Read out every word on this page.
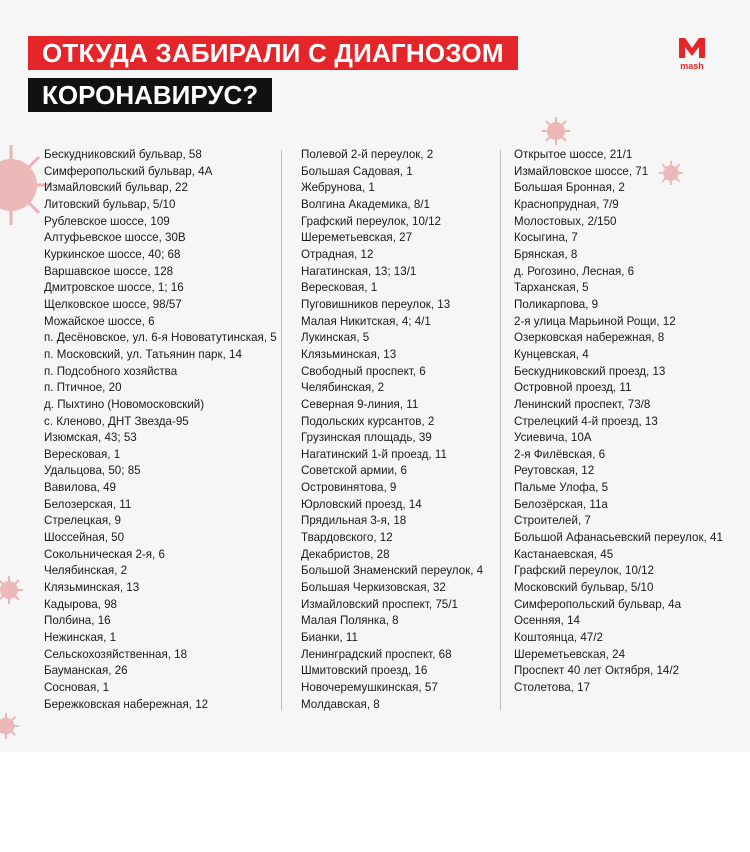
ОТКУДА ЗАБИРАЛИ С ДИАГНОЗОМ
КОРОНАВИРУС?
mash
Бескудниковский бульвар, 58
Симферопольский бульвар, 4А
Измайловский бульвар, 22
Литовский бульвар, 5/10
Рублевское шоссе, 109
Алтуфьевское шоссе, 30В
Куркинское шоссе, 40; 68
Варшавское шоссе, 128
Дмитровское шоссе, 1; 16
Щелковское шоссе, 98/57
Можайское шоссе, 6
п. Десёновское, ул. 6-я Нововатутинская, 5
п. Московский, ул. Татьянин парк, 14
п. Подсобного хозяйства
п. Птичное, 20
д. Пыхтино (Новомосковский)
с. Кленово, ДНТ Звезда-95
Изюмская, 43; 53
Вересковая, 1
Удальцова, 50; 85
Вавилова, 49
Белозерская, 11
Стрелецкая, 9
Шоссейная, 50
Сокольническая 2-я, 6
Челябинская, 2
Клязьминская, 13
Кадырова, 98
Полбина, 16
Нежинская, 1
Сельскохозяйственная, 18
Бауманская, 26
Сосновая, 1
Бережковская набережная, 12
Полевой 2-й переулок, 2
Большая Садовая, 1
Жебрунова, 1
Волгина Академика, 8/1
Графский переулок, 10/12
Шереметьевская, 27
Отрадная, 12
Нагатинская, 13; 13/1
Вересковая, 1
Пуговишников переулок, 13
Малая Никитская, 4; 4/1
Лукинская, 5
Клязьминская, 13
Свободный проспект, 6
Челябинская, 2
Северная 9-линия, 11
Подольских курсантов, 2
Грузинская площадь, 39
Нагатинский 1-й проезд, 11
Советской армии, 6
Островинятова, 9
Юрловский проезд, 14
Прядильная 3-я, 18
Твардовского, 12
Декабристов, 28
Большой Знаменский переулок, 4
Большая Черкизовская, 32
Измайловский проспект, 75/1
Малая Полянка, 8
Бианки, 11
Ленинградский проспект, 68
Шмитовский проезд, 16
Новочеремушкинская, 57
Молдавская, 8
Открытое шоссе, 21/1
Измайловское шоссе, 71
Большая Бронная, 2
Краснопрудная, 7/9
Молостовых, 2/150
Косыгина, 7
Брянская, 8
д. Рогозино, Лесная, 6
Тарханская, 5
Поликарпова, 9
2-я улица Марьиной Рощи, 12
Озерковская набережная, 8
Кунцевская, 4
Бескудниковский проезд, 13
Островной проезд, 11
Ленинский проспект, 73/8
Стрелецкий 4-й проезд, 13
Усиевича, 10А
2-я Филёвская, 6
Реутовская, 12
Пальме Улофа, 5
Белозёрская, 11а
Строителей, 7
Большой Афанасьевский переулок, 41
Кастанаевская, 45
Графский переулок, 10/12
Московский бульвар, 5/10
Симферопольский бульвар, 4а
Осенняя, 14
Коштоянца, 47/2
Шереметьевская, 24
Проспект 40 лет Октября, 14/2
Столетова, 17
